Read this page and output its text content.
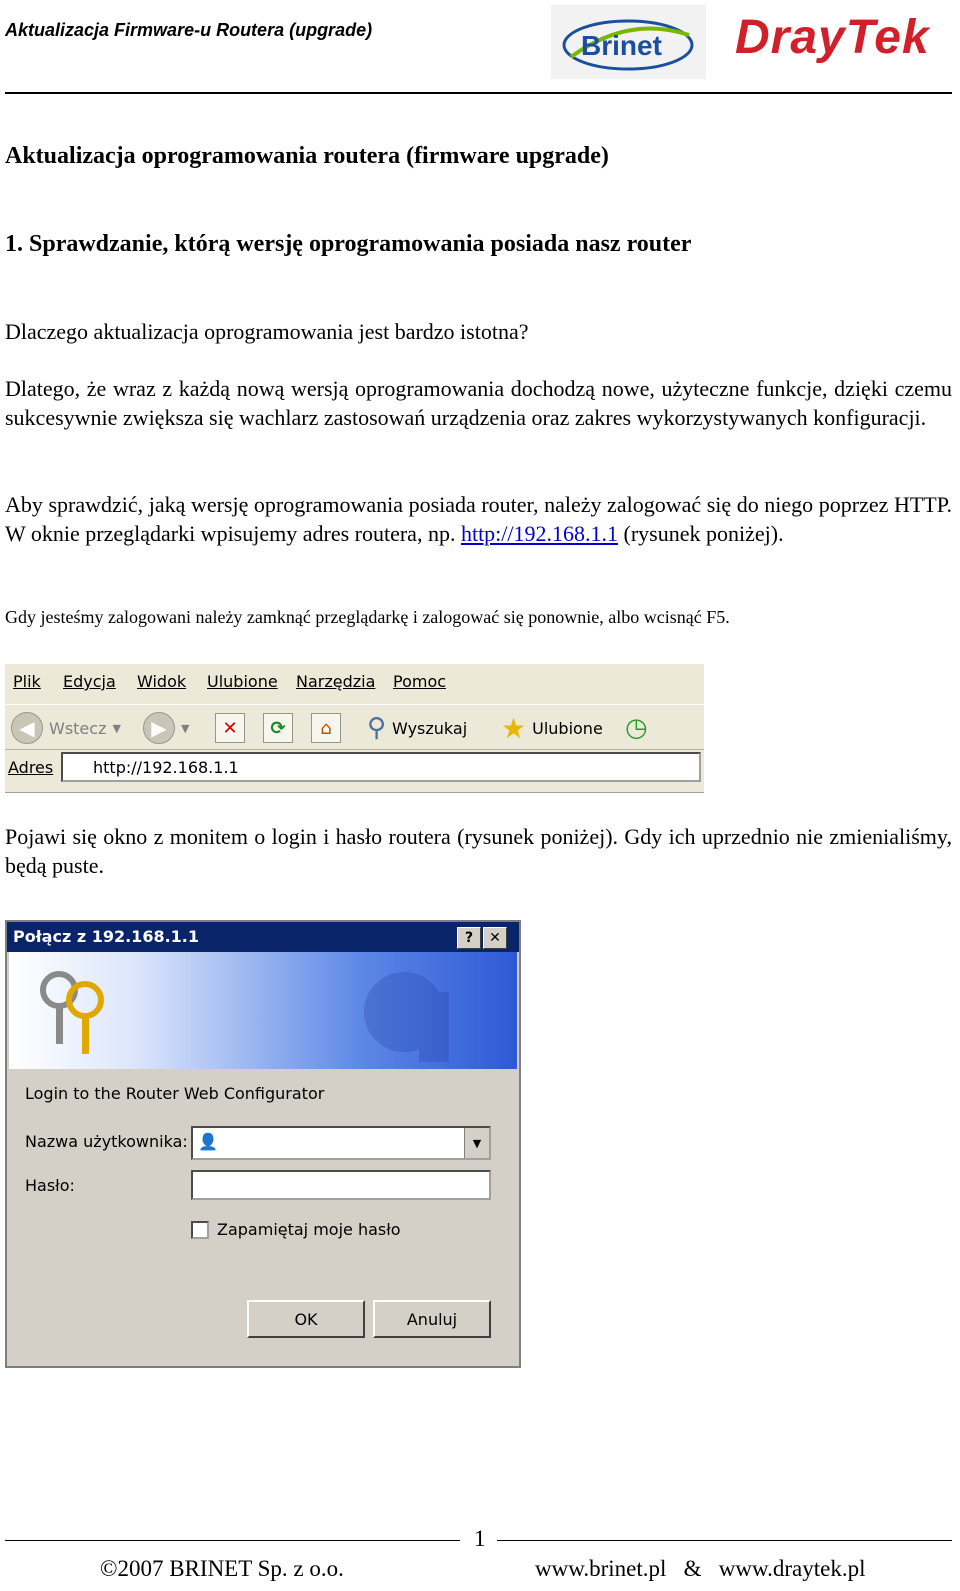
Aktualizacja Firmware-u Routera (upgrade)	Brinet DrayTek
Aktualizacja oprogramowania routera (firmware upgrade)
1. Sprawdzanie, którą wersję oprogramowania posiada nasz router
Dlaczego aktualizacja oprogramowania jest bardzo istotna?
Dlatego, że wraz z każdą nową wersją oprogramowania dochodzą nowe, użyteczne funkcje, dzięki czemu sukcesywnie zwiększa się wachlarz zastosowań urządzenia oraz zakres wykorzystywanych konfiguracji.
Aby sprawdzić, jaką wersję oprogramowania posiada router, należy zalogować się do niego poprzez HTTP. W oknie przeglądarki wpisujemy adres routera, np. http://192.168.1.1 (rysunek poniżej).
Gdy jesteśmy zalogowani należy zamknąć przeglądarkę i zalogować się ponownie, albo wcisnąć F5.
Plik Edycja Widok Ulubione Narzędzia Pomoc
◀ Wstecz ▼	▶	▼	✕	⟳	⌂	⚲ Wyszukaj ★ Ulubione ◷
Adres http://192.168.1.1
Pojawi się okno z monitem o login i hasło routera (rysunek poniżej). Gdy ich uprzednio nie zmienialiśmy, będą puste.
Połącz z 192.168.1.1	?	✕
Login to the Router Web Configurator
Nazwa użytkownika: 👤	▼
Hasło:
Zapamiętaj moje hasło
OK	Anuluj
1
©2007 BRINET Sp. z o.o.	www.brinet.pl   &   www.draytek.pl
